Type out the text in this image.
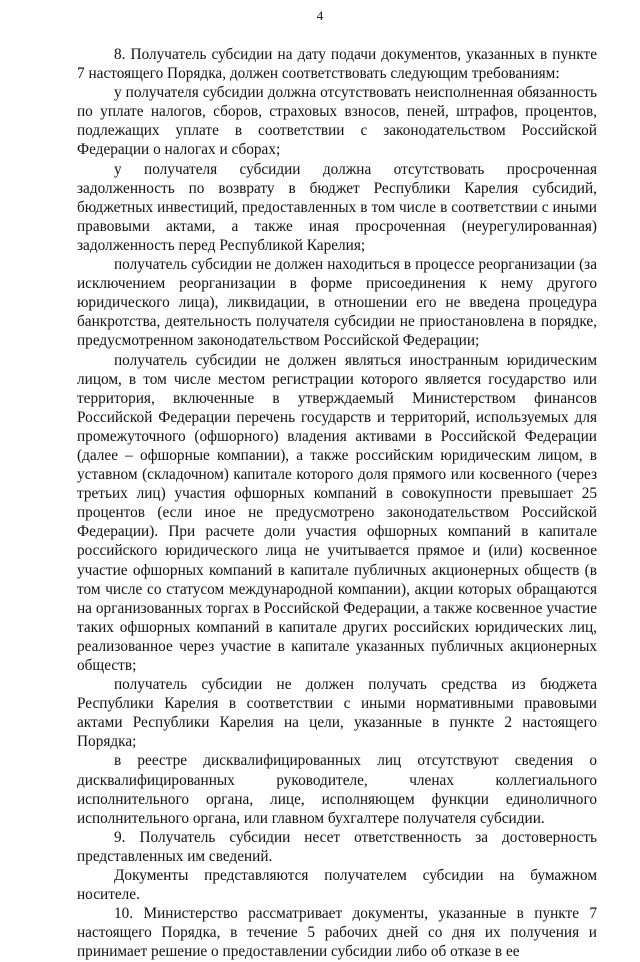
4

8. Получатель субсидии на дату подачи документов, указанных в пункте 7 настоящего Порядка, должен соответствовать следующим требованиям:

у получателя субсидии должна отсутствовать неисполненная обязанность по уплате налогов, сборов, страховых взносов, пеней, штрафов, процентов, подлежащих уплате в соответствии с законодательством Российской Федерации о налогах и сборах;

у получателя субсидии должна отсутствовать просроченная задолженность по возврату в бюджет Республики Карелия субсидий, бюджетных инвестиций, предоставленных в том числе в соответствии с иными правовыми актами, а также иная просроченная (неурегулированная) задолженность перед Республикой Карелия;

получатель субсидии не должен находиться в процессе реорганизации (за исключением реорганизации в форме присоединения к нему другого юридического лица), ликвидации, в отношении его не введена процедура банкротства, деятельность получателя субсидии не приостановлена в порядке, предусмотренном законодательством Российской Федерации;

получатель субсидии не должен являться иностранным юридическим лицом, в том числе местом регистрации которого является государство или территория, включенные в утверждаемый Министерством финансов Российской Федерации перечень государств и территорий, используемых для промежуточного (офшорного) владения активами в Российской Федерации (далее – офшорные компании), а также российским юридическим лицом, в уставном (складочном) капитале которого доля прямого или косвенного (через третьих лиц) участия офшорных компаний в совокупности превышает 25 процентов (если иное не предусмотрено законодательством Российской Федерации). При расчете доли участия офшорных компаний в капитале российского юридического лица не учитывается прямое и (или) косвенное участие офшорных компаний в капитале публичных акционерных обществ (в том числе со статусом международной компании), акции которых обращаются на организованных торгах в Российской Федерации, а также косвенное участие таких офшорных компаний в капитале других российских юридических лиц, реализованное через участие в капитале указанных публичных акционерных обществ;

получатель субсидии не должен получать средства из бюджета Республики Карелия в соответствии с иными нормативными правовыми актами Республики Карелия на цели, указанные в пункте 2 настоящего Порядка;

в реестре дисквалифицированных лиц отсутствуют сведения о дисквалифицированных руководителе, членах коллегиального исполнительного органа, лице, исполняющем функции единоличного исполнительного органа, или главном бухгалтере получателя субсидии.

9. Получатель субсидии несет ответственность за достоверность представленных им сведений.

Документы представляются получателем субсидии на бумажном носителе.

10. Министерство рассматривает документы, указанные в пункте 7 настоящего Порядка, в течение 5 рабочих дней со дня их получения и принимает решение о предоставлении субсидии либо об отказе в ее
